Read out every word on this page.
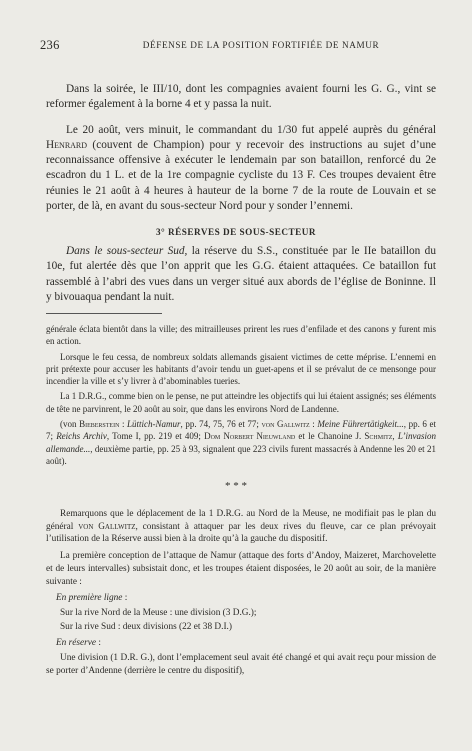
236	DÉFENSE DE LA POSITION FORTIFIÉE DE NAMUR

Dans la soirée, le III/10, dont les compagnies avaient fourni les G. G., vint se reformer également à la borne 4 et y passa la nuit.

Le 20 août, vers minuit, le commandant du 1/30 fut appelé auprès du général Henrard (couvent de Champion) pour y recevoir des instructions au sujet d’une reconnaissance offensive à exécuter le lendemain par son bataillon, renforcé du 2e escadron du 1 L. et de la 1re compagnie cycliste du 13 F. Ces troupes devaient être réunies le 21 août à 4 heures à hauteur de la borne 7 de la route de Louvain et se porter, de là, en avant du sous-secteur Nord pour y sonder l’ennemi.

3° RÉSERVES DE SOUS-SECTEUR

Dans le sous-secteur Sud, la réserve du S.S., constituée par le IIe bataillon du 10e, fut alertée dès que l’on apprit que les G.G. étaient attaquées. Ce bataillon fut rassemblé à l’abri des vues dans un verger situé aux abords de l’église de Boninne. Il y bivouaqua pendant la nuit.

générale éclata bientôt dans la ville; des mitrailleuses prirent les rues d’enfilade et des canons y furent mis en action.

Lorsque le feu cessa, de nombreux soldats allemands gisaient victimes de cette méprise. L’ennemi en prit prétexte pour accuser les habitants d’avoir tendu un guet-apens et il se prévalut de ce mensonge pour incendier la ville et s’y livrer à d’abominables tueries.

La 1 D.R.G., comme bien on le pense, ne put atteindre les objectifs qui lui étaient assignés; ses éléments de tête ne parvinrent, le 20 août au soir, que dans les environs Nord de Landenne.

(von Bieberstein : Lüttich-Namur, pp. 74, 75, 76 et 77; von Gallwitz : Meine Führertätigkeit..., pp. 6 et 7; Reichs Archiv, Tome I, pp. 219 et 409; Dom Norbert Nieuwland et le Chanoine J. Schmitz, L’invasion allemande..., deuxième partie, pp. 25 à 93, signalent que 223 civils furent massacrés à Andenne les 20 et 21 août).

* * *

Remarquons que le déplacement de la 1 D.R.G. au Nord de la Meuse, ne modifiait pas le plan du général von Gallwitz, consistant à attaquer par les deux rives du fleuve, car ce plan prévoyait l’utilisation de la Réserve aussi bien à la droite qu’à la gauche du dispositif.

La première conception de l’attaque de Namur (attaque des forts d’Andoy, Maizeret, Marchovelette et de leurs intervalles) subsistait donc, et les troupes étaient disposées, le 20 août au soir, de la manière suivante :

En première ligne :

Sur la rive Nord de la Meuse : une division (3 D.G.);

Sur la rive Sud : deux divisions (22 et 38 D.I.)

En réserve :

Une division (1 D.R. G.), dont l’emplacement seul avait été changé et qui avait reçu pour mission de se porter d’Andenne (derrière le centre du dispositif),
